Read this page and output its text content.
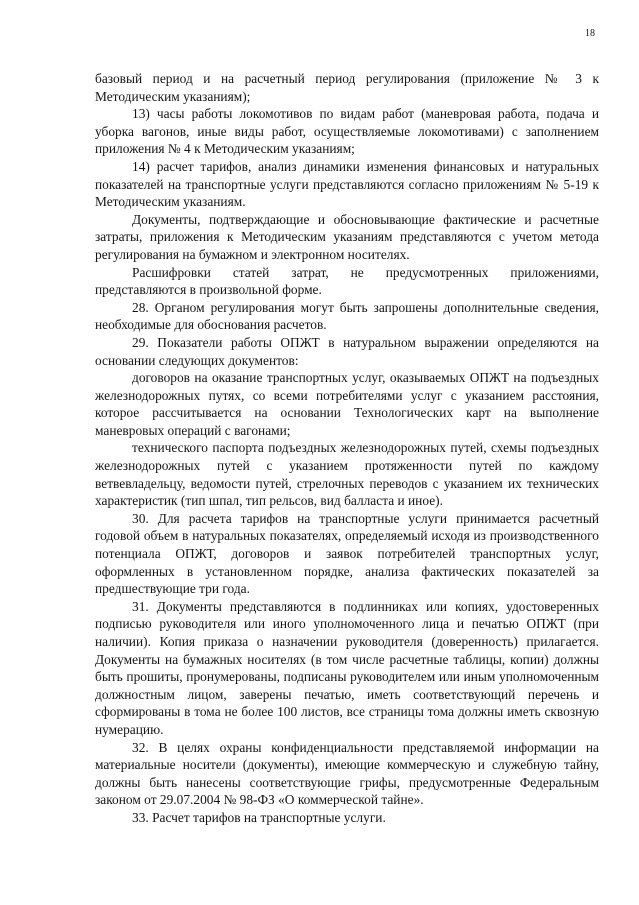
18

базовый период и на расчетный период регулирования (приложение № 3 к Методическим указаниям);

13) часы работы локомотивов по видам работ (маневровая работа, подача и уборка вагонов, иные виды работ, осуществляемые локомотивами) с заполнением приложения № 4 к Методическим указаниям;

14) расчет тарифов, анализ динамики изменения финансовых и натуральных показателей на транспортные услуги представляются согласно приложениям № 5-19 к Методическим указаниям.

Документы, подтверждающие и обосновывающие фактические и расчетные затраты, приложения к Методическим указаниям представляются с учетом метода регулирования на бумажном и электронном носителях.

Расшифровки статей затрат, не предусмотренных приложениями, представляются в произвольной форме.

28. Органом регулирования могут быть запрошены дополнительные сведения, необходимые для обоснования расчетов.

29. Показатели работы ОПЖТ в натуральном выражении определяются на основании следующих документов:

договоров на оказание транспортных услуг, оказываемых ОПЖТ на подъездных железнодорожных путях, со всеми потребителями услуг с указанием расстояния, которое рассчитывается на основании Технологических карт на выполнение маневровых операций с вагонами;

технического паспорта подъездных железнодорожных путей, схемы подъездных железнодорожных путей с указанием протяженности путей по каждому ветвевладельцу, ведомости путей, стрелочных переводов с указанием их технических характеристик (тип шпал, тип рельсов, вид балласта и иное).

30. Для расчета тарифов на транспортные услуги принимается расчетный годовой объем в натуральных показателях, определяемый исходя из производственного потенциала ОПЖТ, договоров и заявок потребителей транспортных услуг, оформленных в установленном порядке, анализа фактических показателей за предшествующие три года.

31. Документы представляются в подлинниках или копиях, удостоверенных подписью руководителя или иного уполномоченного лица и печатью ОПЖТ (при наличии). Копия приказа о назначении руководителя (доверенность) прилагается. Документы на бумажных носителях (в том числе расчетные таблицы, копии) должны быть прошиты, пронумерованы, подписаны руководителем или иным уполномоченным должностным лицом, заверены печатью, иметь соответствующий перечень и сформированы в тома не более 100 листов, все страницы тома должны иметь сквозную нумерацию.

32. В целях охраны конфиденциальности представляемой информации на материальные носители (документы), имеющие коммерческую и служебную тайну, должны быть нанесены соответствующие грифы, предусмотренные Федеральным законом от 29.07.2004 № 98-ФЗ «О коммерческой тайне».

33. Расчет тарифов на транспортные услуги.
